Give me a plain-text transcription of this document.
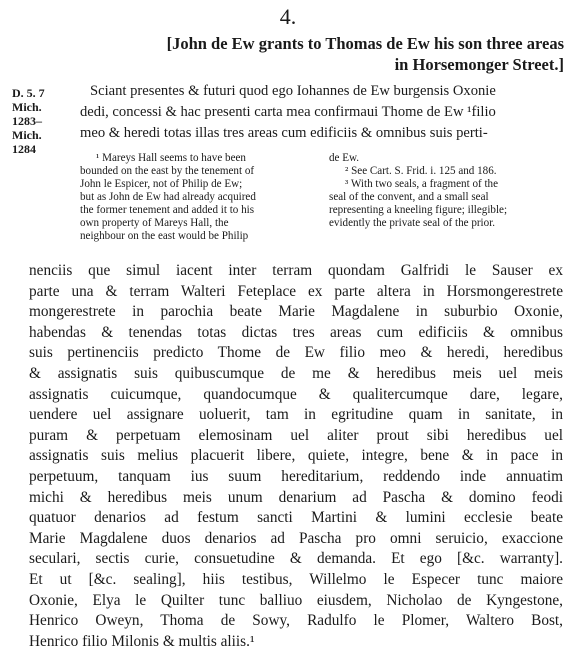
4.
[John de Ew grants to Thomas de Ew his son three areas
in Horsemonger Street.]
D. 5. 7
Mich.
1283–
Mich.
1284
Sciant presentes & futuri quod ego Iohannes de Ew burgensis Oxonie
dedi, concessi & hac presenti carta mea confirmaui Thome de Ew ¹filio
meo & heredi totas illas tres areas cum edificiis & omnibus suis perti-
¹ Mareys Hall seems to have been
bounded on the east by the tenement of
John le Espicer, not of Philip de Ew;
but as John de Ew had already acquired
the former tenement and added it to his
own property of Mareys Hall, the
neighbour on the east would be Philip
de Ew.
² See Cart. S. Frid. i. 125 and 186.
³ With two seals, a fragment of the
seal of the convent, and a small seal
representing a kneeling figure; illegible;
evidently the private seal of the prior.
nenciis que simul iacent inter terram quondam Galfridi le Sauser ex
parte una & terram Walteri Feteplace ex parte altera in Horsmongerestrete
mongerestrete in parochia beate Marie Magdalene in suburbio Oxonie,
habendas & tenendas totas dictas tres areas cum edificiis & omnibus
suis pertinenciis predicto Thome de Ew filio meo & heredi, heredibus
& assignatis suis quibuscumque de me & heredibus meis uel meis
assignatis cuicumque, quandocumque & qualitercumque dare, legare,
uendere uel assignare uoluerit, tam in egritudine quam in sanitate, in
puram & perpetuam elemosinam uel aliter prout sibi heredibus uel
assignatis suis melius placuerit libere, quiete, integre, bene & in pace in
perpetuum, tanquam ius suum hereditarium, reddendo inde annuatim
michi & heredibus meis unum denarium ad Pascha & domino feodi
quatuor denarios ad festum sancti Martini & lumini ecclesie beate
Marie Magdalene duos denarios ad Pascha pro omni seruicio, exaccione
seculari, sectis curie, consuetudine & demanda. Et ego [&c. warranty].
Et ut [&c. sealing], hiis testibus, Willelmo le Especer tunc maiore
Oxonie, Elya le Quilter tunc balliuo eiusdem, Nicholao de Kyngestone,
Henrico Oweyn, Thoma de Sowy, Radulfo le Plomer, Waltero Bost,
Henrico filio Milonis & multis aliis.¹
